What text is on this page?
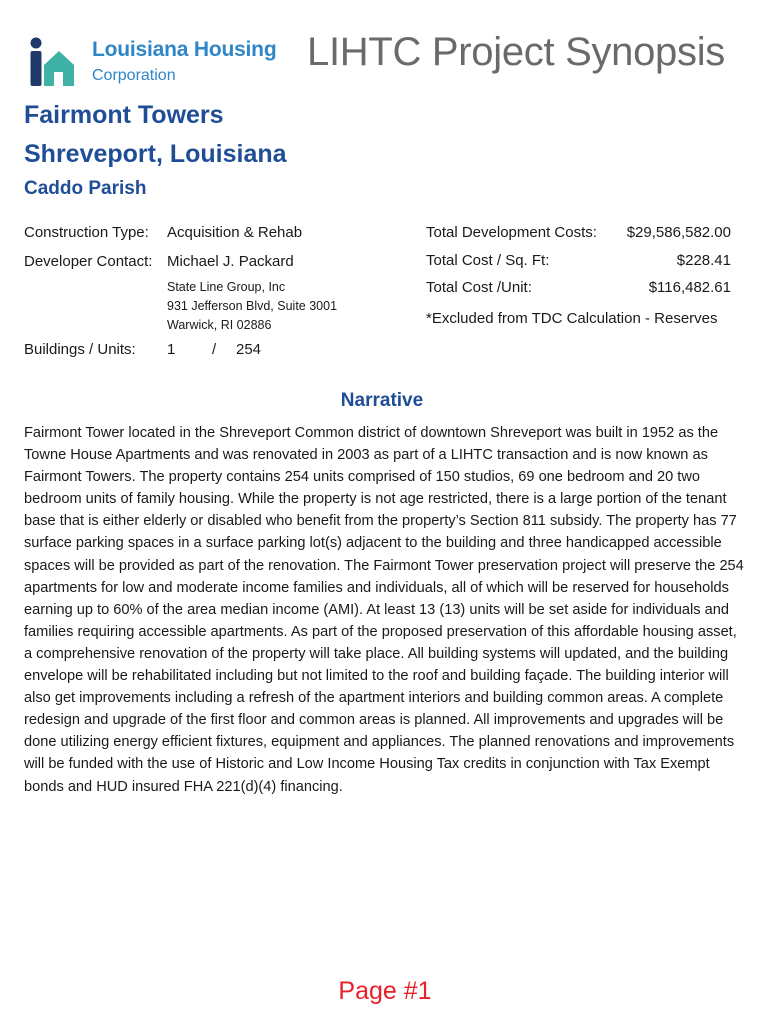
Louisiana Housing
Corporation
LIHTC Project Synopsis
Fairmont Towers
Shreveport, Louisiana
Caddo Parish
Construction Type: Acquisition & Rehab
Developer Contact: Michael J. Packard
State Line Group, Inc
931 Jefferson Blvd, Suite 3001
Warwick, RI 02886
Buildings / Units: 1 / 254
Total Development Costs:	$29,586,582.00
Total Cost / Sq. Ft:	$228.41
Total Cost /Unit:	$116,482.61
*Excluded from TDC Calculation - Reserves
Narrative
Fairmont Tower located in the Shreveport Common district of downtown Shreveport was built in 1952 as the Towne House Apartments and was renovated in 2003 as part of a LIHTC transaction and is now known as Fairmont Towers. The property contains 254 units comprised of 150 studios, 69 one bedroom and 20 two bedroom units of family housing. While the property is not age restricted, there is a large portion of the tenant base that is either elderly or disabled who benefit from the property’s Section 811 subsidy. The property has 77 surface parking spaces in a surface parking lot(s) adjacent to the building and three handicapped accessible spaces will be provided as part of the renovation. The Fairmont Tower preservation project will preserve the 254 apartments for low and moderate income families and individuals, all of which will be reserved for households earning up to 60% of the area median income (AMI). At least 13 (13) units will be set aside for individuals and families requiring accessible apartments. As part of the proposed preservation of this affordable housing asset, a comprehensive renovation of the property will take place. All building systems will updated, and the building envelope will be rehabilitated including but not limited to the roof and building façade. The building interior will also get improvements including a refresh of the apartment interiors and building common areas. A complete redesign and upgrade of the first floor and common areas is planned. All improvements and upgrades will be done utilizing energy efficient fixtures, equipment and appliances. The planned renovations and improvements will be funded with the use of Historic and Low Income Housing Tax credits in conjunction with Tax Exempt bonds and HUD insured FHA 221(d)(4) financing.
Page #1
